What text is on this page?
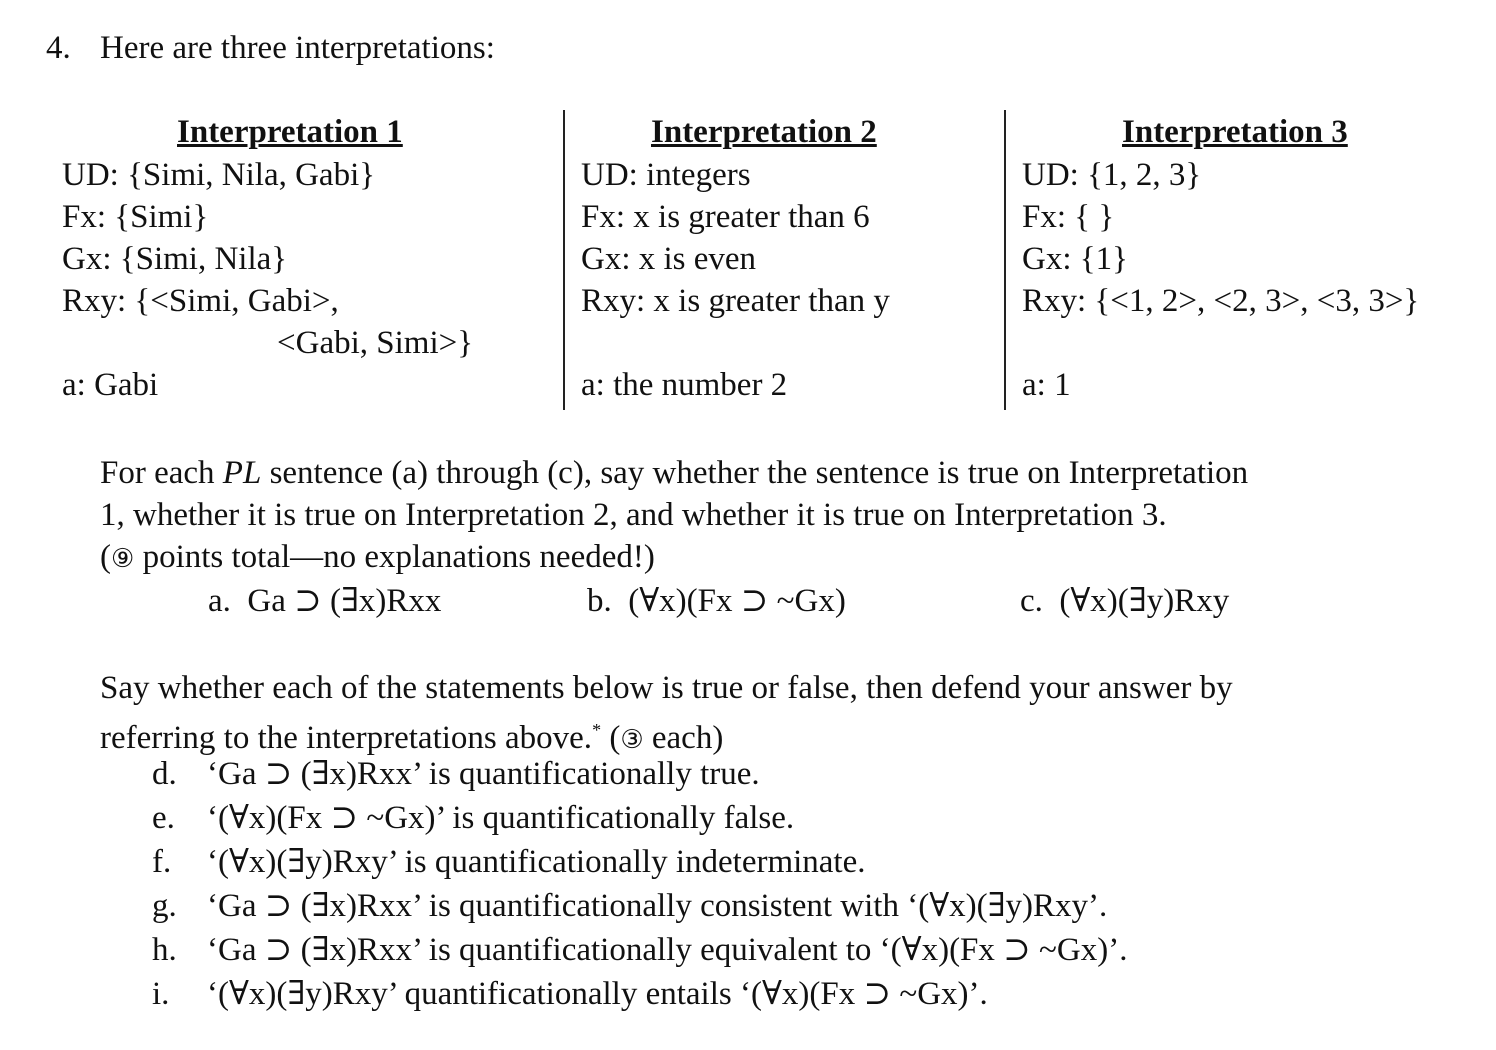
4. Here are three interpretations:
Interpretation 1
UD: {Simi, Nila, Gabi}
Fx: {Simi}
Gx: {Simi, Nila}
Rxy: {<Simi, Gabi>,
<Gabi, Simi>}
a: Gabi
Interpretation 2
UD: integers
Fx: x is greater than 6
Gx: x is even
Rxy: x is greater than y
a: the number 2
Interpretation 3
UD: {1, 2, 3}
Fx: { }
Gx: {1}
Rxy: {<1, 2>, <2, 3>, <3, 3>}
a: 1
For each PL sentence (a) through (c), say whether the sentence is true on Interpretation
1, whether it is true on Interpretation 2, and whether it is true on Interpretation 3.
(⑨ points total—no explanations needed!)
a. Ga ⊃ (∃x)Rxx	b. (∀x)(Fx ⊃ ~Gx)	c. (∀x)(∃y)Rxy
Say whether each of the statements below is true or false, then defend your answer by
referring to the interpretations above.* (③ each)
d. ‘Ga ⊃ (∃x)Rxx’ is quantificationally true.
e. ‘(∀x)(Fx ⊃ ~Gx)’ is quantificationally false.
f. ‘(∀x)(∃y)Rxy’ is quantificationally indeterminate.
g. ‘Ga ⊃ (∃x)Rxx’ is quantificationally consistent with ‘(∀x)(∃y)Rxy’.
h. ‘Ga ⊃ (∃x)Rxx’ is quantificationally equivalent to ‘(∀x)(Fx ⊃ ~Gx)’.
i. ‘(∀x)(∃y)Rxy’ quantificationally entails ‘(∀x)(Fx ⊃ ~Gx)’.
